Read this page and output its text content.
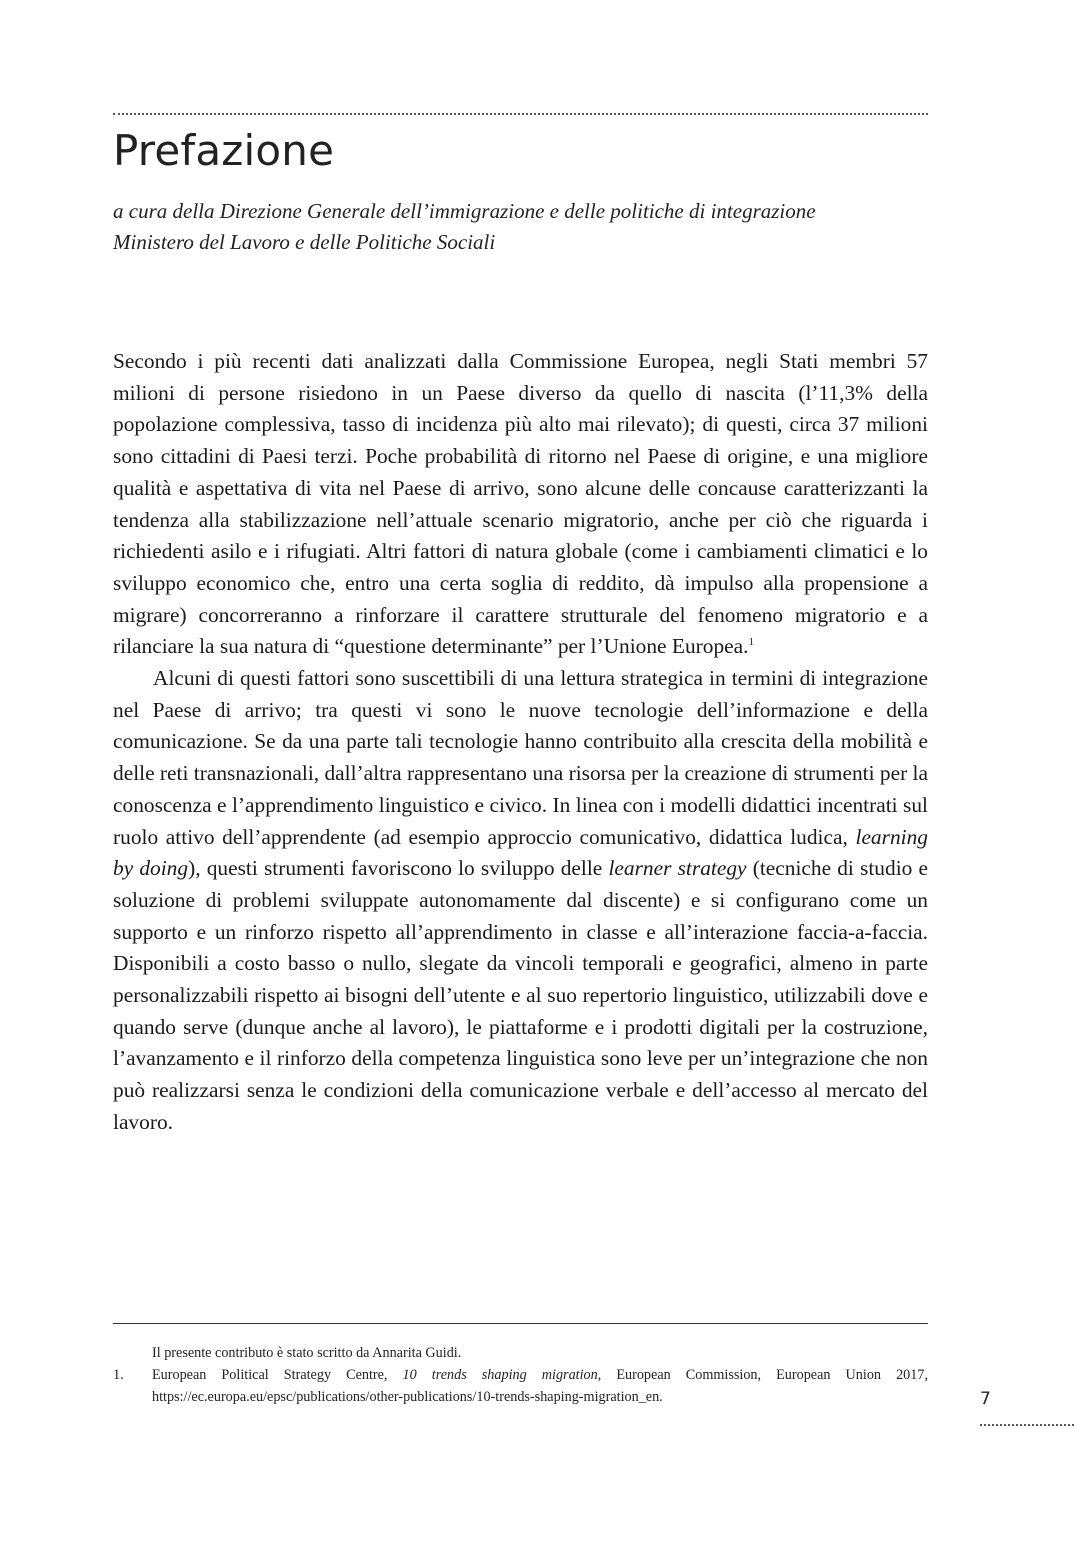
Prefazione

a cura della Direzione Generale dell’immigrazione e delle politiche di integrazione
Ministero del Lavoro e delle Politiche Sociali

Secondo i più recenti dati analizzati dalla Commissione Europea, negli Stati membri 57 milioni di persone risiedono in un Paese diverso da quello di nascita (l’11,3% della popolazione complessiva, tasso di incidenza più alto mai rilevato); di questi, circa 37 milioni sono cittadini di Paesi terzi. Poche probabilità di ritorno nel Paese di origine, e una migliore qualità e aspettativa di vita nel Paese di arrivo, sono alcune delle concause caratterizzanti la tendenza alla stabilizzazione nell’attuale scenario migratorio, anche per ciò che riguarda i richiedenti asilo e i rifugiati. Altri fattori di natura globale (come i cambiamenti climatici e lo sviluppo economico che, entro una certa soglia di reddito, dà impulso alla propensione a migrare) concorreranno a rinforzare il carattere strutturale del fenomeno migratorio e a rilanciare la sua natura di “questione determinante” per l’Unione Europea.$^1$

Alcuni di questi fattori sono suscettibili di una lettura strategica in termini di integrazione nel Paese di arrivo; tra questi vi sono le nuove tecnologie dell’informazione e della comunicazione. Se da una parte tali tecnologie hanno contribuito alla crescita della mobilità e delle reti transnazionali, dall’altra rappresentano una risorsa per la creazione di strumenti per la conoscenza e l’apprendimento linguistico e civico. In linea con i modelli didattici incentrati sul ruolo attivo dell’apprendente (ad esempio approccio comunicativo, didattica ludica, learning by doing), questi strumenti favoriscono lo sviluppo delle learner strategy (tecniche di studio e soluzione di problemi sviluppate autonomamente dal discente) e si configurano come un supporto e un rinforzo rispetto all’apprendimento in classe e all’interazione faccia-a-faccia. Disponibili a costo basso o nullo, slegate da vincoli temporali e geografici, almeno in parte personalizzabili rispetto ai bisogni dell’utente e al suo repertorio linguistico, utilizzabili dove e quando serve (dunque anche al lavoro), le piattaforme e i prodotti digitali per la costruzione, l’avanzamento e il rinforzo della competenza linguistica sono leve per un’integrazione che non può realizzarsi senza le condizioni della comunicazione verbale e dell’accesso al mercato del lavoro.

Il presente contributo è stato scritto da Annarita Guidi.
1. European Political Strategy Centre, 10 trends shaping migration, European Commission, European Union 2017, https://ec.europa.eu/epsc/publications/other-publications/10-trends-shaping-migration_en.	7
